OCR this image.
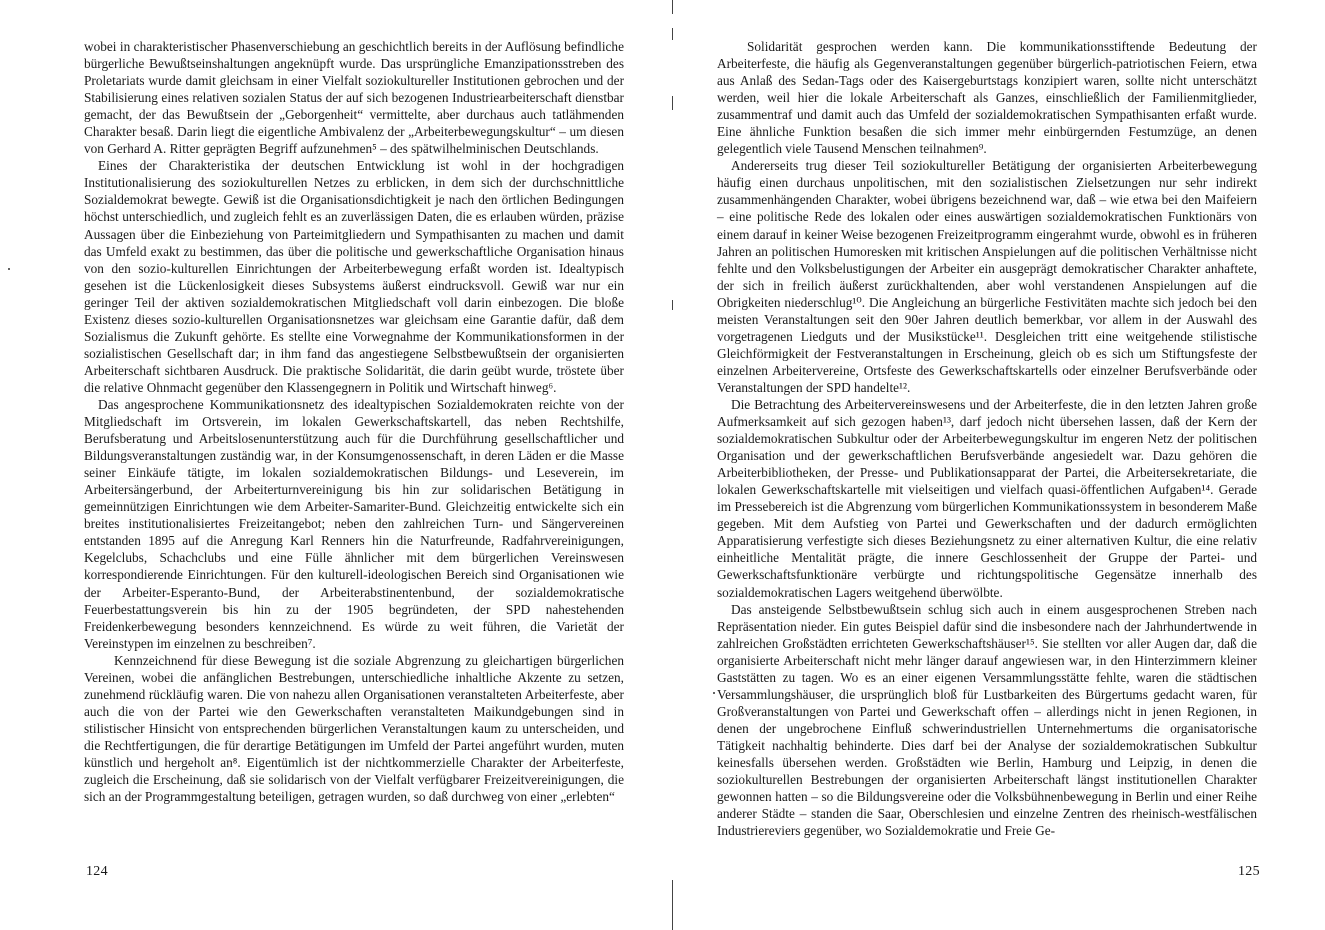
wobei in charakteristischer Phasenverschiebung an geschichtlich bereits in der Auflösung befindliche bürgerliche Bewußtseinshaltungen angeknüpft wurde. Das ursprüngliche Emanzipationsstreben des Proletariats wurde damit gleichsam in einer Vielfalt soziokultureller Institutionen gebrochen und der Stabilisierung eines relativen sozialen Status der auf sich bezogenen Industriearbeiterschaft dienstbar gemacht, der das Bewußtsein der „Geborgenheit“ vermittelte, aber durchaus auch tatlähmenden Charakter besaß. Darin liegt die eigentliche Ambivalenz der „Arbeiterbewegungskultur“ – um diesen von Gerhard A. Ritter geprägten Begriff aufzunehmen⁵ – des spätwilhelminischen Deutschlands.

Eines der Charakteristika der deutschen Entwicklung ist wohl in der hochgradigen Institutionalisierung des soziokulturellen Netzes zu erblicken, in dem sich der durchschnittliche Sozialdemokrat bewegte. Gewiß ist die Organisationsdichtigkeit je nach den örtlichen Bedingungen höchst unterschiedlich, und zugleich fehlt es an zuverlässigen Daten, die es erlauben würden, präzise Aussagen über die Einbeziehung von Parteimitgliedern und Sympathisanten zu machen und damit das Umfeld exakt zu bestimmen, das über die politische und gewerkschaftliche Organisation hinaus von den sozio-kulturellen Einrichtungen der Arbeiterbewegung erfaßt worden ist. Idealtypisch gesehen ist die Lückenlosigkeit dieses Subsystems äußerst eindrucksvoll. Gewiß war nur ein geringer Teil der aktiven sozialdemokratischen Mitgliedschaft voll darin einbezogen. Die bloße Existenz dieses sozio-kulturellen Organisationsnetzes war gleichsam eine Garantie dafür, daß dem Sozialismus die Zukunft gehörte. Es stellte eine Vorwegnahme der Kommunikationsformen in der sozialistischen Gesellschaft dar; in ihm fand das angestiegene Selbstbewußtsein der organisierten Arbeiterschaft sichtbaren Ausdruck. Die praktische Solidarität, die darin geübt wurde, tröstete über die relative Ohnmacht gegenüber den Klassengegnern in Politik und Wirtschaft hinweg⁶.

Das angesprochene Kommunikationsnetz des idealtypischen Sozialdemokraten reichte von der Mitgliedschaft im Ortsverein, im lokalen Gewerkschaftskartell, das neben Rechtshilfe, Berufsberatung und Arbeitslosenunterstützung auch für die Durchführung gesellschaftlicher und Bildungsveranstaltungen zuständig war, in der Konsumgenossenschaft, in deren Läden er die Masse seiner Einkäufe tätigte, im lokalen sozialdemokratischen Bildungs- und Leseverein, im Arbeitersängerbund, der Arbeiterturnvereinigung bis hin zur solidarischen Betätigung in gemeinnützigen Einrichtungen wie dem Arbeiter-Samariter-Bund. Gleichzeitig entwickelte sich ein breites institutionalisiertes Freizeitangebot; neben den zahlreichen Turn- und Sängervereinen entstanden 1895 auf die Anregung Karl Renners hin die Naturfreunde, Radfahrvereinigungen, Kegelclubs, Schachclubs und eine Fülle ähnlicher mit dem bürgerlichen Vereinswesen korrespondierende Einrichtungen. Für den kulturell-ideologischen Bereich sind Organisationen wie der Arbeiter-Esperanto-Bund, der Arbeiterabstinentenbund, der sozialdemokratische Feuerbestattungsverein bis hin zu der 1905 begründeten, der SPD nahestehenden Freidenkerbewegung besonders kennzeichnend. Es würde zu weit führen, die Varietät der Vereinstypen im einzelnen zu beschreiben⁷.

Kennzeichnend für diese Bewegung ist die soziale Abgrenzung zu gleichartigen bürgerlichen Vereinen, wobei die anfänglichen Bestrebungen, unterschiedliche inhaltliche Akzente zu setzen, zunehmend rückläufig waren. Die von nahezu allen Organisationen veranstalteten Arbeiterfeste, aber auch die von der Partei wie den Gewerkschaften veranstalteten Maikundgebungen sind in stilistischer Hinsicht von entsprechenden bürgerlichen Veranstaltungen kaum zu unterscheiden, und die Rechtfertigungen, die für derartige Betätigungen im Umfeld der Partei angeführt wurden, muten künstlich und hergeholt an⁸. Eigentümlich ist der nichtkommerzielle Charakter der Arbeiterfeste, zugleich die Erscheinung, daß sie solidarisch von der Vielfalt verfügbarer Freizeitvereinigungen, die sich an der Programmgestaltung beteiligen, getragen wurden, so daß durchweg von einer „erlebten“

124

Solidarität gesprochen werden kann. Die kommunikationsstiftende Bedeutung der Arbeiterfeste, die häufig als Gegenveranstaltungen gegenüber bürgerlich-patriotischen Feiern, etwa aus Anlaß des Sedan-Tags oder des Kaisergeburtstags konzipiert waren, sollte nicht unterschätzt werden, weil hier die lokale Arbeiterschaft als Ganzes, einschließlich der Familienmitglieder, zusammentraf und damit auch das Umfeld der sozialdemokratischen Sympathisanten erfaßt wurde. Eine ähnliche Funktion besaßen die sich immer mehr einbürgernden Festumzüge, an denen gelegentlich viele Tausend Menschen teilnahmen⁹.

Andererseits trug dieser Teil soziokultureller Betätigung der organisierten Arbeiterbewegung häufig einen durchaus unpolitischen, mit den sozialistischen Zielsetzungen nur sehr indirekt zusammenhängenden Charakter, wobei übrigens bezeichnend war, daß – wie etwa bei den Maifeiern – eine politische Rede des lokalen oder eines auswärtigen sozialdemokratischen Funktionärs von einem darauf in keiner Weise bezogenen Freizeitprogramm eingerahmt wurde, obwohl es in früheren Jahren an politischen Humoresken mit kritischen Anspielungen auf die politischen Verhältnisse nicht fehlte und den Volksbelustigungen der Arbeiter ein ausgeprägt demokratischer Charakter anhaftete, der sich in freilich äußerst zurückhaltenden, aber wohl verstandenen Anspielungen auf die Obrigkeiten niederschlug¹⁰. Die Angleichung an bürgerliche Festivitäten machte sich jedoch bei den meisten Veranstaltungen seit den 90er Jahren deutlich bemerkbar, vor allem in der Auswahl des vorgetragenen Liedguts und der Musikstücke¹¹. Desgleichen tritt eine weitgehende stilistische Gleichförmigkeit der Festveranstaltungen in Erscheinung, gleich ob es sich um Stiftungsfeste der einzelnen Arbeitervereine, Ortsfeste des Gewerkschaftskartells oder einzelner Berufsverbände oder Veranstaltungen der SPD handelte¹².

Die Betrachtung des Arbeitervereinswesens und der Arbeiterfeste, die in den letzten Jahren große Aufmerksamkeit auf sich gezogen haben¹³, darf jedoch nicht übersehen lassen, daß der Kern der sozialdemokratischen Subkultur oder der Arbeiterbewegungskultur im engeren Netz der politischen Organisation und der gewerkschaftlichen Berufsverbände angesiedelt war. Dazu gehören die Arbeiterbibliotheken, der Presse- und Publikationsapparat der Partei, die Arbeitersekretariate, die lokalen Gewerkschaftskartelle mit vielseitigen und vielfach quasi-öffentlichen Aufgaben¹⁴. Gerade im Pressebereich ist die Abgrenzung vom bürgerlichen Kommunikationssystem in besonderem Maße gegeben. Mit dem Aufstieg von Partei und Gewerkschaften und der dadurch ermöglichten Apparatisierung verfestigte sich dieses Beziehungsnetz zu einer alternativen Kultur, die eine relativ einheitliche Mentalität prägte, die innere Geschlossenheit der Gruppe der Partei- und Gewerkschaftsfunktionäre verbürgte und richtungspolitische Gegensätze innerhalb des sozialdemokratischen Lagers weitgehend überwölbte.

Das ansteigende Selbstbewußtsein schlug sich auch in einem ausgesprochenen Streben nach Repräsentation nieder. Ein gutes Beispiel dafür sind die insbesondere nach der Jahrhundertwende in zahlreichen Großstädten errichteten Gewerkschaftshäuser¹⁵. Sie stellten vor aller Augen dar, daß die organisierte Arbeiterschaft nicht mehr länger darauf angewiesen war, in den Hinterzimmern kleiner Gaststätten zu tagen. Wo es an einer eigenen Versammlungsstätte fehlte, waren die städtischen Versammlungshäuser, die ursprünglich bloß für Lustbarkeiten des Bürgertums gedacht waren, für Großveranstaltungen von Partei und Gewerkschaft offen – allerdings nicht in jenen Regionen, in denen der ungebrochene Einfluß schwerindustriellen Unternehmertums die organisatorische Tätigkeit nachhaltig behinderte. Dies darf bei der Analyse der sozialdemokratischen Subkultur keinesfalls übersehen werden. Großstädten wie Berlin, Hamburg und Leipzig, in denen die soziokulturellen Bestrebungen der organisierten Arbeiterschaft längst institutionellen Charakter gewonnen hatten – so die Bildungsvereine oder die Volksbühnenbewegung in Berlin und einer Reihe anderer Städte – standen die Saar, Oberschlesien und einzelne Zentren des rheinisch-westfälischen Industriereviers gegenüber, wo Sozialdemokratie und Freie Ge-

125
